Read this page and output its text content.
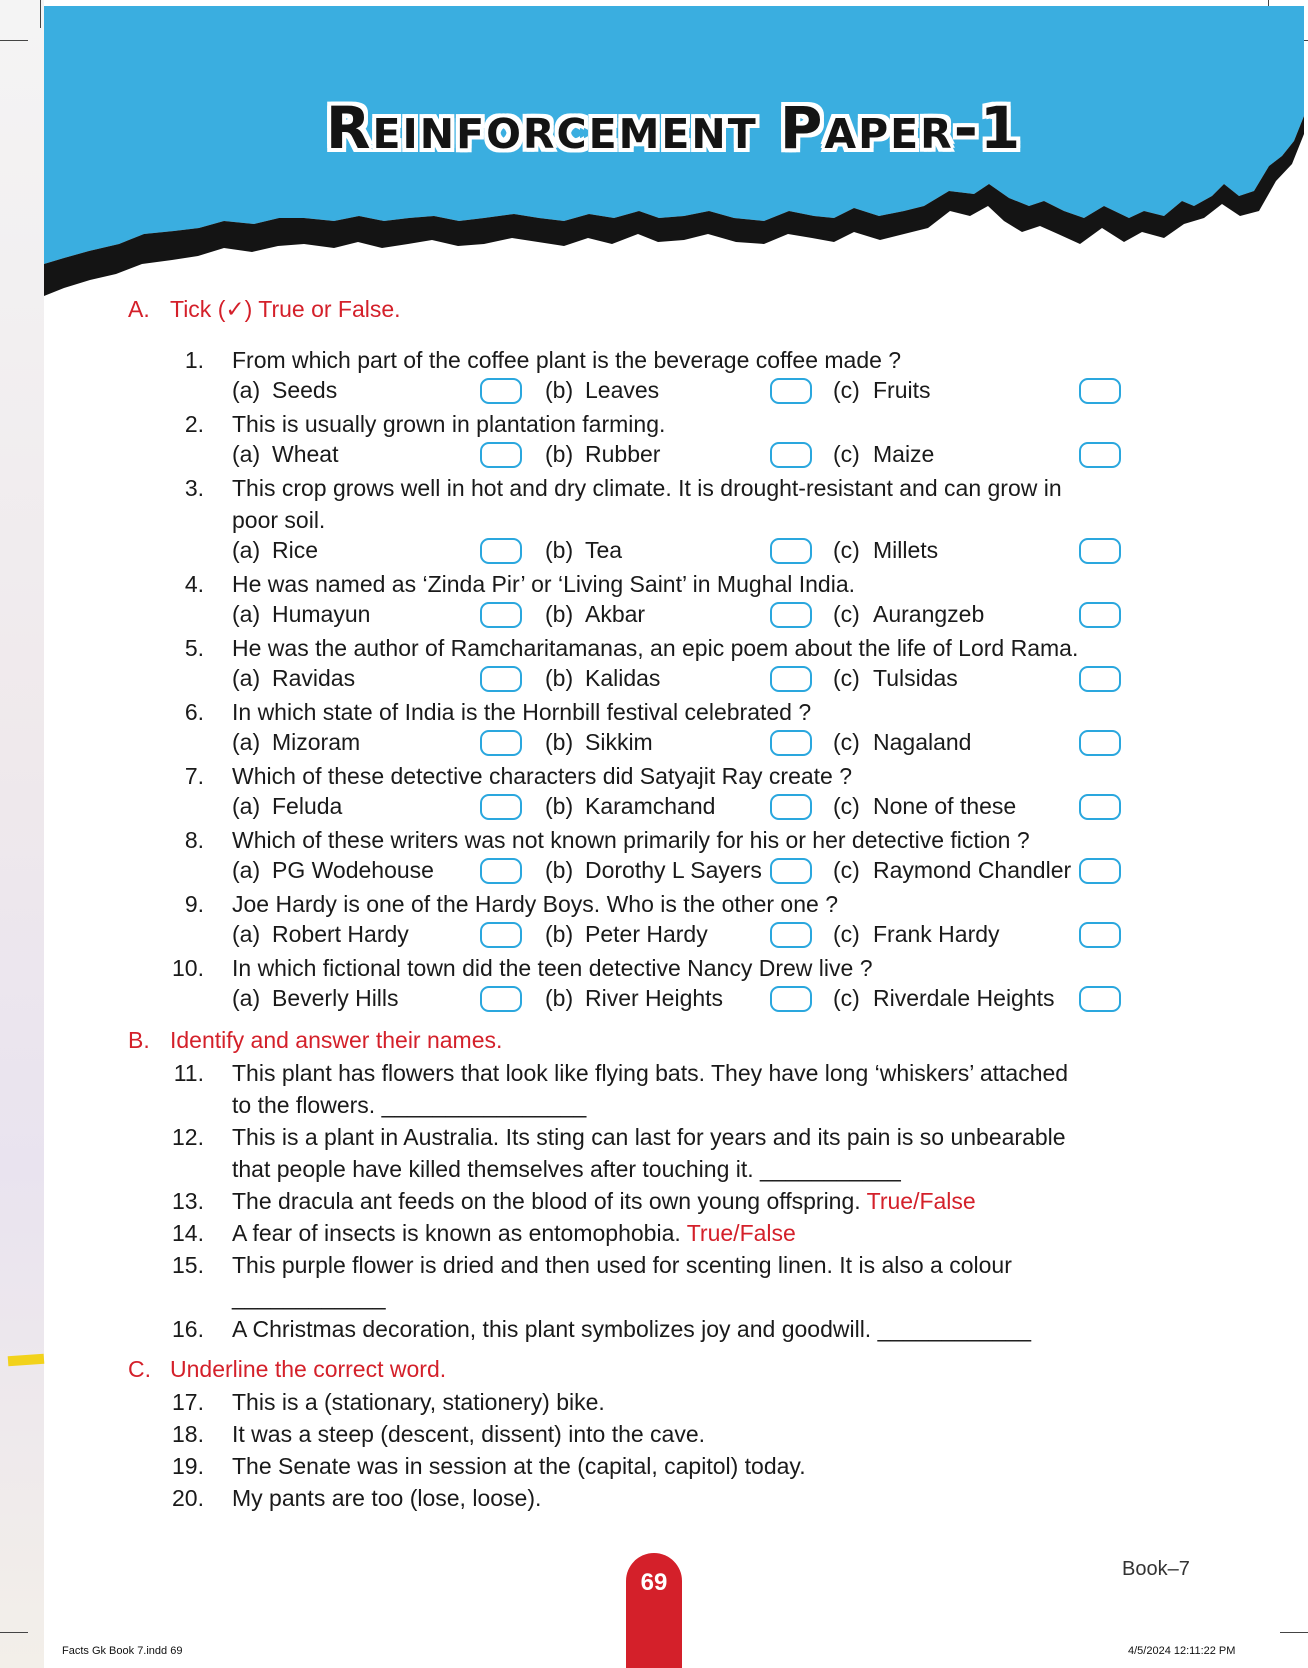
Reinforcement Paper-1
A. Tick (✓) True or False.
1. From which part of the coffee plant is the beverage coffee made ?
(a) Seeds	(b) Leaves	(c) Fruits
2. This is usually grown in plantation farming.
(a) Wheat	(b) Rubber	(c) Maize
3. This crop grows well in hot and dry climate. It is drought-resistant and can grow in
poor soil.
(a) Rice	(b) Tea	(c) Millets
4. He was named as ‘Zinda Pir’ or ‘Living Saint’ in Mughal India.
(a) Humayun	(b) Akbar	(c) Aurangzeb
5. He was the author of Ramcharitamanas, an epic poem about the life of Lord Rama.
(a) Ravidas	(b) Kalidas	(c) Tulsidas
6. In which state of India is the Hornbill festival celebrated ?
(a) Mizoram	(b) Sikkim	(c) Nagaland
7. Which of these detective characters did Satyajit Ray create ?
(a) Feluda	(b) Karamchand	(c) None of these
8. Which of these writers was not known primarily for his or her detective fiction ?
(a) PG Wodehouse	(b) Dorothy L Sayers	(c) Raymond Chandler
9. Joe Hardy is one of the Hardy Boys. Who is the other one ?
(a) Robert Hardy	(b) Peter Hardy	(c) Frank Hardy
10. In which fictional town did the teen detective Nancy Drew live ?
(a) Beverly Hills	(b) River Heights	(c) Riverdale Heights
B. Identify and answer their names.
11. This plant has flowers that look like flying bats. They have long ‘whiskers’ attached
to the flowers. ________________
12. This is a plant in Australia. Its sting can last for years and its pain is so unbearable
that people have killed themselves after touching it. ___________
13. The dracula ant feeds on the blood of its own young offspring. True/False
14. A fear of insects is known as entomophobia. True/False
15. This purple flower is dried and then used for scenting linen. It is also a colour
____________
16. A Christmas decoration, this plant symbolizes joy and goodwill. ____________
C. Underline the correct word.
17. This is a (stationary, stationery) bike.
18. It was a steep (descent, dissent) into the cave.
19. The Senate was in session at the (capital, capitol) today.
20. My pants are too (lose, loose).
69	Book–7
Facts Gk Book 7.indd 69	4/5/2024 12:11:22 PM
